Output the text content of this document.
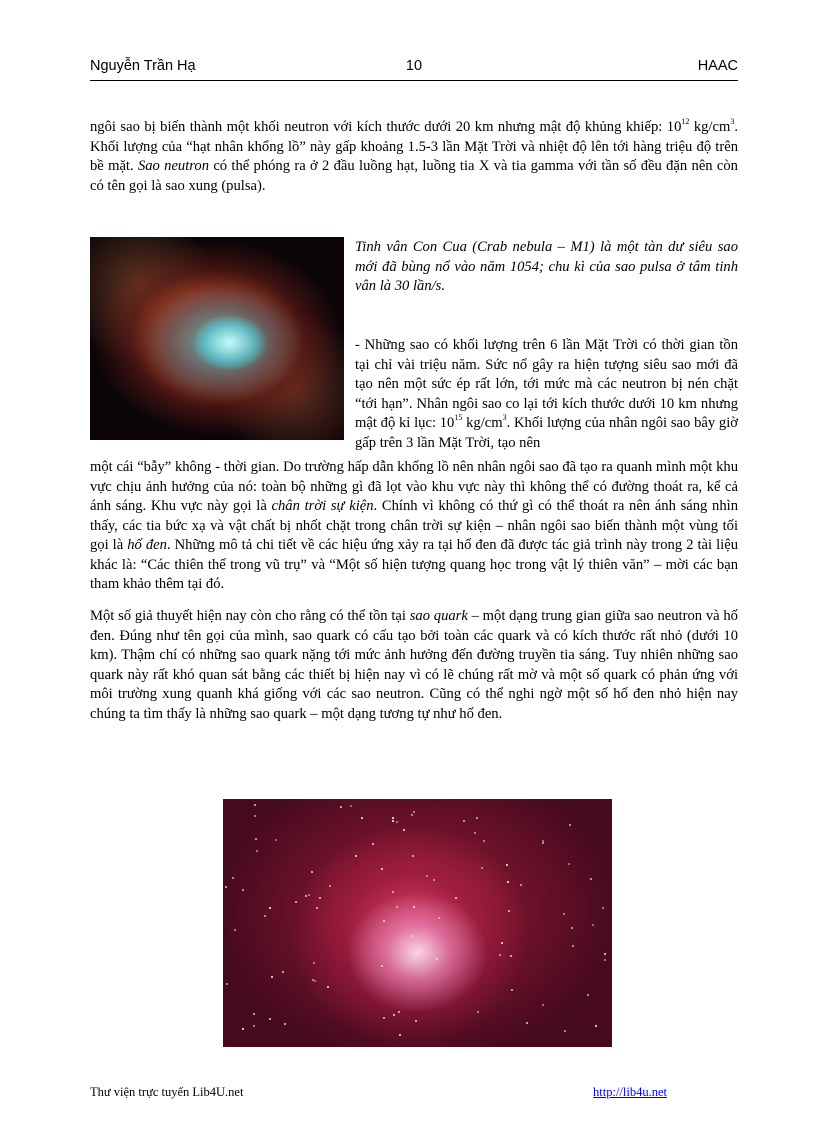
Nguyễn Trần Hạ	10	HAAC
ngôi sao bị biến thành một khối neutron với kích thước dưới 20 km nhưng mật độ khủng khiếp: $10^{12}$ $kg/cm^3$. Khối lượng của “hạt nhân khổng lồ” này gấp khoảng 1.5-3 lần Mặt Trời và nhiệt độ lên tới hàng triệu độ trên bề mặt. Sao neutron có thể phóng ra ở 2 đầu luồng hạt, luồng tia X và tia gamma với tần số đều đặn nên còn có tên gọi là sao xung (pulsa).
Tinh vân Con Cua (Crab nebula – M1) là một tàn dư siêu sao mới đã bùng nổ vào năm 1054; chu kì của sao pulsa ở tâm tinh vân là 30 lần/s.
- Những sao có khối lượng trên 6 lần Mặt Trời có thời gian tồn tại chỉ vài triệu năm. Sức nổ gây ra hiện tượng siêu sao mới đã tạo nên một sức ép rất lớn, tới mức mà các neutron bị nén chặt “tới hạn”. Nhân ngôi sao co lại tới kích thước dưới 10 km nhưng mật độ kỉ lục: $10^{15}$ $kg/cm^3$. Khối lượng của nhân ngôi sao bây giờ gấp trên 3 lần Mặt Trời, tạo nên
một cái “bẫy” không - thời gian. Do trường hấp dẫn khổng lồ nên nhân ngôi sao đã tạo ra quanh mình một khu vực chịu ảnh hưởng của nó: toàn bộ những gì đã lọt vào khu vực này thì không thể có đường thoát ra, kể cả ánh sáng. Khu vực này gọi là chân trời sự kiện. Chính vì không có thứ gì có thể thoát ra nên ánh sáng nhìn thấy, các tia bức xạ và vật chất bị nhốt chặt trong chân trời sự kiện – nhân ngôi sao biến thành một vùng tối gọi là hố đen. Những mô tả chi tiết về các hiệu ứng xảy ra tại hố đen đã được tác giả trình này trong 2 tài liệu khác là: “Các thiên thể trong vũ trụ” và “Một số hiện tượng quang học trong vật lý thiên văn” – mời các bạn tham khảo thêm tại đó.
Một số giả thuyết hiện nay còn cho rằng có thể tồn tại sao quark – một dạng trung gian giữa sao neutron và hố đen. Đúng như tên gọi của mình, sao quark có cấu tạo bởi toàn các quark và có kích thước rất nhỏ (dưới 10 km). Thậm chí có những sao quark nặng tới mức ảnh hưởng đến đường truyền tia sáng. Tuy nhiên những sao quark này rất khó quan sát bằng các thiết bị hiện nay vì có lẽ chúng rất mờ và một số quark có phản ứng với môi trường xung quanh khá giống với các sao neutron. Cũng có thể nghi ngờ một số hố đen nhỏ hiện nay chúng ta tìm thấy là những sao quark – một dạng tương tự như hố đen.
Thư viện trực tuyến Lib4U.net	http://lib4u.net
